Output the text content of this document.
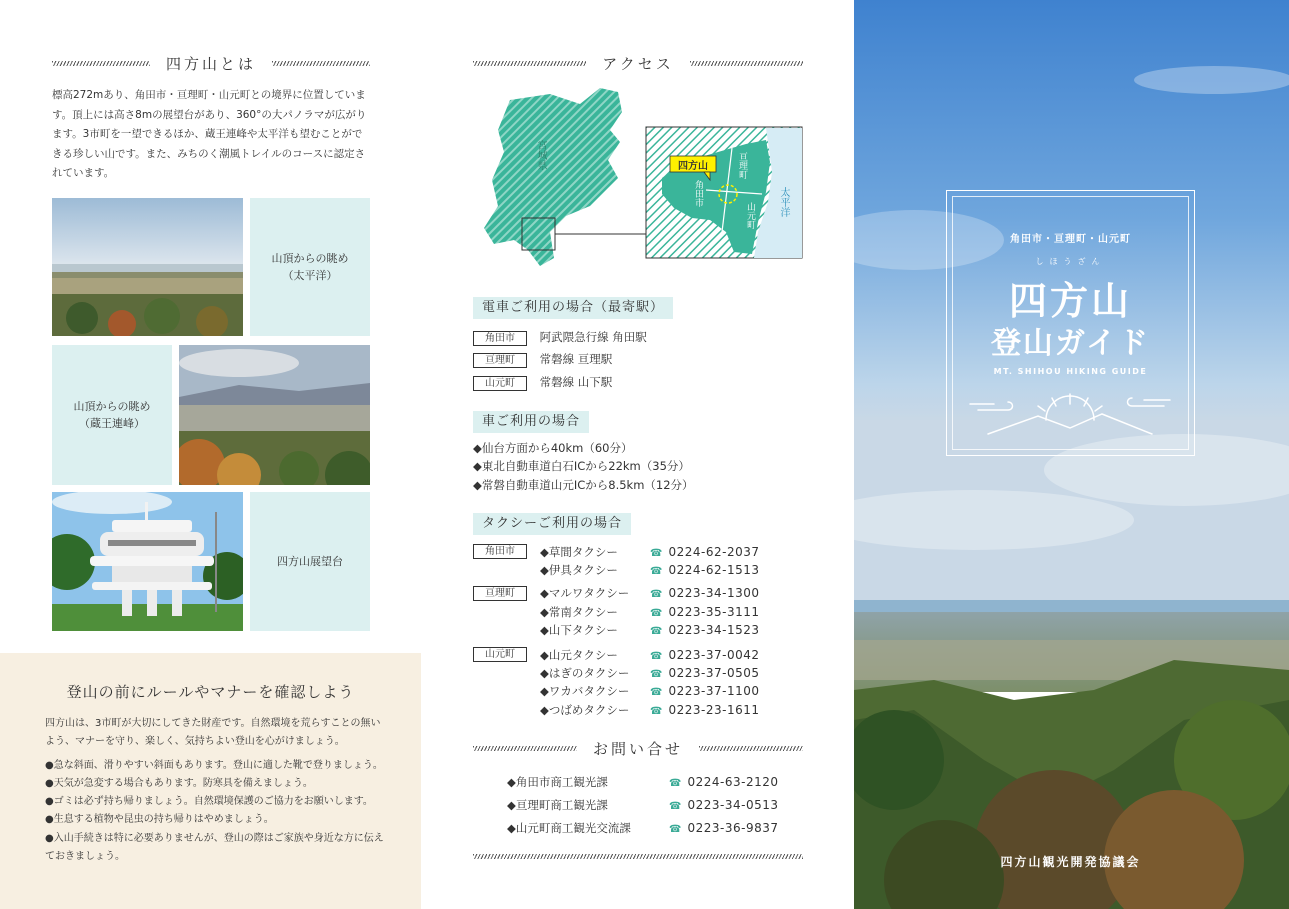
四方山とは

標高272mあり、角田市・亘理町・山元町との境界に位置しています。頂上には高さ8mの展望台があり、360°の大パノラマが広がります。3市町を一望できるほか、蔵王連峰や太平洋も望むことができる珍しい山です。また、みちのく潮風トレイルのコースに認定されています。

山頂からの眺め
（太平洋）
山頂からの眺め
（蔵王連峰）
四方山展望台
登山の前にルールやマナーを確認しよう

四方山は、3市町が大切にしてきた財産です。自然環境を荒らすことの無いよう、マナーを守り、楽しく、気持ちよい登山を心がけましょう。

●急な斜面、滑りやすい斜面もあります。登山に適した靴で登りましょう。

●天気が急変する場合もあります。防寒具を備えましょう。

●ゴミは必ず持ち帰りましょう。自然環境保護のご協力をお願いします。

●生息する植物や昆虫の持ち帰りはやめましょう。

●入山手続きは特に必要ありませんが、登山の際はご家族や身近な方に伝えておきましょう。

アクセス
宮城県	四方山
角田市
亘理町
山元町 太平洋
電車ご利用の場合（最寄駅）
角田市 阿武隈急行線 角田駅
亘理町 常磐線 亘理駅
山元町 常磐線 山下駅
車ご利用の場合
◆仙台方面から40km（60分）
◆東北自動車道白石ICから22km（35分）
◆常磐自動車道山元ICから8.5km（12分）
タクシーご利用の場合
角田市	◆草間タクシー	☎ 0224-62-2037
◆伊具タクシー	☎ 0224-62-1513
亘理町	◆マルワタクシー ☎ 0223-34-1300
◆常南タクシー	☎ 0223-35-3111
◆山下タクシー	☎ 0223-34-1523
山元町	◆山元タクシー	☎ 0223-37-0042
◆はぎのタクシー ☎ 0223-37-0505
◆ワカバタクシー ☎ 0223-37-1100
◆つばめタクシー ☎ 0223-23-1611
お問い合せ
◆角田市商工観光課	☎ 0224-63-2120
◆亘理町商工観光課	☎ 0223-34-0513
◆山元町商工観光交流課	☎ 0223-36-9837
角田市・亘理町・山元町
しほうざん
四方山
登山ガイド
MT. SHIHOU HIKING GUIDE
四方山観光開発協議会
